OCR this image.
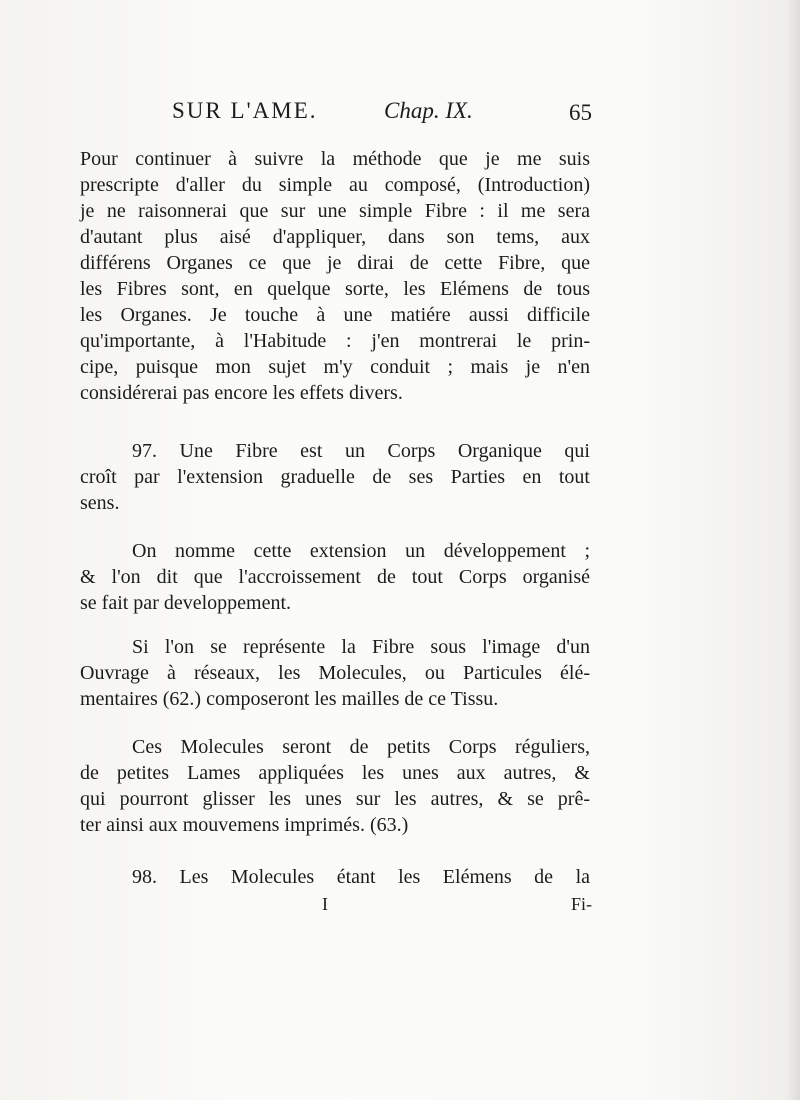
SUR L'AME.	Chap. IX.	65
Pour continuer à suivre la méthode que je me suis
prescripte d'aller du simple au composé, (Introduction)
je ne raisonnerai que sur une simple Fibre : il me sera
d'autant plus aisé d'appliquer, dans son tems, aux
différens Organes ce que je dirai de cette Fibre, que
les Fibres sont, en quelque sorte, les Elémens de tous
les Organes. Je touche à une matiére aussi difficile
qu'importante, à l'Habitude : j'en montrerai le prin-
cipe, puisque mon sujet m'y conduit ; mais je n'en
considérerai pas encore les effets divers.
97. Une Fibre est un Corps Organique qui
croît par l'extension graduelle de ses Parties en tout
sens.
On nomme cette extension un développement ;
& l'on dit que l'accroissement de tout Corps organisé
se fait par developpement.
Si l'on se représente la Fibre sous l'image d'un
Ouvrage à réseaux, les Molecules, ou Particules élé-
mentaires (62.) composeront les mailles de ce Tissu.
Ces Molecules seront de petits Corps réguliers,
de petites Lames appliquées les unes aux autres, &
qui pourront glisser les unes sur les autres, & se prê-
ter ainsi aux mouvemens imprimés. (63.)
98. Les Molecules étant les Elémens de la
I	Fi-
